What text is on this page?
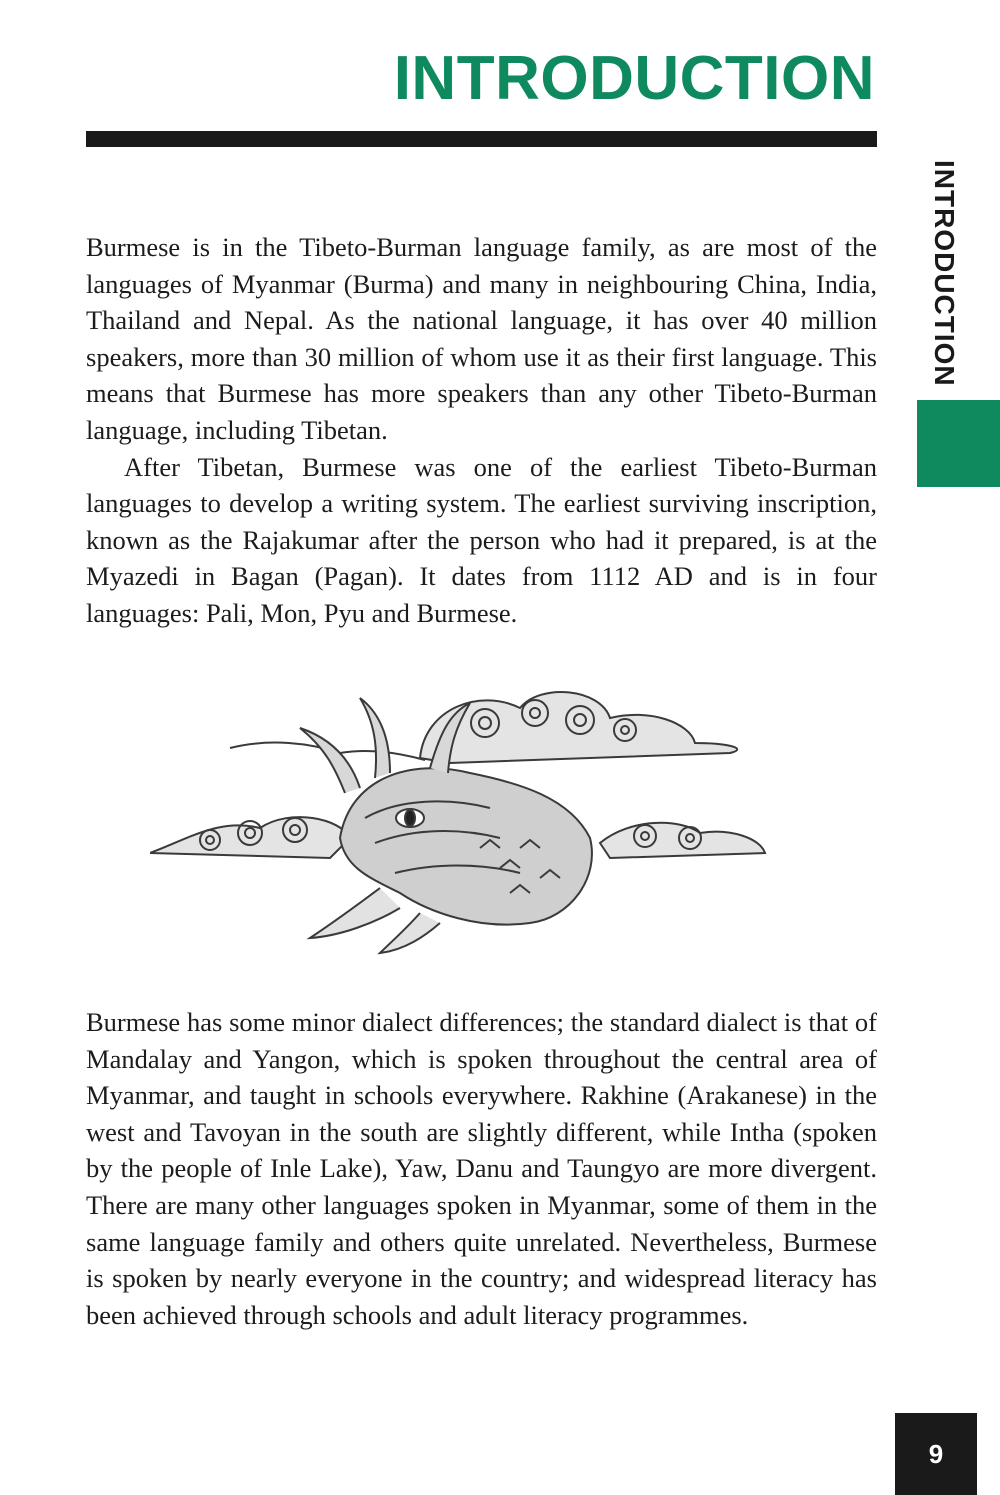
INTRODUCTION
INTRODUCTION

Burmese is in the Tibeto-Burman language family, as are most of the languages of Myanmar (Burma) and many in neighbouring China, India, Thailand and Nepal. As the national language, it has over 40 million speakers, more than 30 million of whom use it as their first language. This means that Burmese has more speakers than any other Tibeto-Burman language, including Tibetan.

After Tibetan, Burmese was one of the earliest Tibeto-Burman languages to develop a writing system. The earliest surviving inscription, known as the Rajakumar after the person who had it prepared, is at the Myazedi in Bagan (Pagan). It dates from 1112 AD and is in four languages: Pali, Mon, Pyu and Burmese.

Burmese has some minor dialect differences; the standard dialect is that of Mandalay and Yangon, which is spoken throughout the central area of Myanmar, and taught in schools everywhere. Rakhine (Arakanese) in the west and Tavoyan in the south are slightly different, while Intha (spoken by the people of Inle Lake), Yaw, Danu and Taungyo are more divergent. There are many other languages spoken in Myanmar, some of them in the same language family and others quite unrelated. Nevertheless, Burmese is spoken by nearly everyone in the country; and widespread literacy has been achieved through schools and adult literacy programmes.

9
